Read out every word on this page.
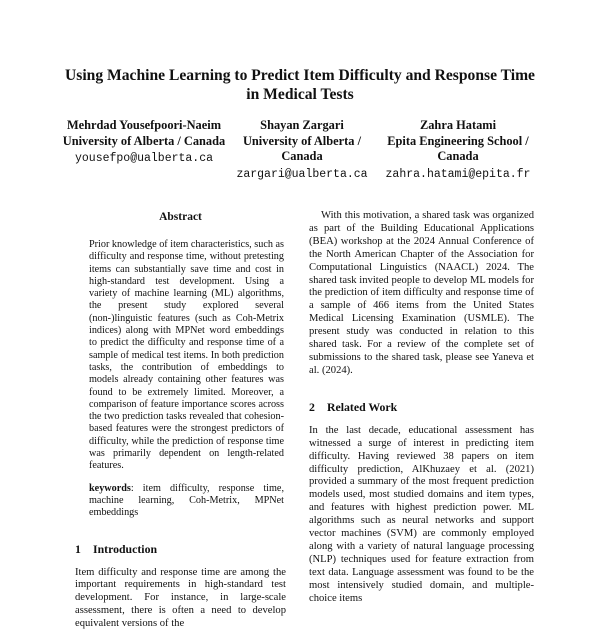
Using Machine Learning to Predict Item Difficulty and Response Time in Medical Tests
Mehrdad Yousefpoori-Naeim
University of Alberta / Canada
yousefpo@ualberta.ca
Shayan Zargari
University of Alberta / Canada
zargari@ualberta.ca
Zahra Hatami
Epita Engineering School / Canada
zahra.hatami@epita.fr
Abstract
Prior knowledge of item characteristics, such as difficulty and response time, without pretesting items can substantially save time and cost in high-standard test development. Using a variety of machine learning (ML) algorithms, the present study explored several (non-)linguistic features (such as Coh-Metrix indices) along with MPNet word embeddings to predict the difficulty and response time of a sample of medical test items. In both prediction tasks, the contribution of embeddings to models already containing other features was found to be extremely limited. Moreover, a comparison of feature importance scores across the two prediction tasks revealed that cohesion-based features were the strongest predictors of difficulty, while the prediction of response time was primarily dependent on length-related features.
keywords: item difficulty, response time, machine learning, Coh-Metrix, MPNet embeddings
1 Introduction
Item difficulty and response time are among the important requirements in high-standard test development. For instance, in large-scale assessment, there is often a need to develop equivalent versions of the
With this motivation, a shared task was organized as part of the Building Educational Applications (BEA) workshop at the 2024 Annual Conference of the North American Chapter of the Association for Computational Linguistics (NAACL) 2024. The shared task invited people to develop ML models for the prediction of item difficulty and response time of a sample of 466 items from the United States Medical Licensing Examination (USMLE). The present study was conducted in relation to this shared task. For a review of the complete set of submissions to the shared task, please see Yaneva et al. (2024).
2 Related Work
In the last decade, educational assessment has witnessed a surge of interest in predicting item difficulty. Having reviewed 38 papers on item difficulty prediction, AlKhuzaey et al. (2021) provided a summary of the most frequent prediction models used, most studied domains and item types, and features with highest prediction power. ML algorithms such as neural networks and support vector machines (SVM) are commonly employed along with a variety of natural language processing (NLP) techniques used for feature extraction from text data. Language assessment was found to be the most intensively studied domain, and multiple-choice items
